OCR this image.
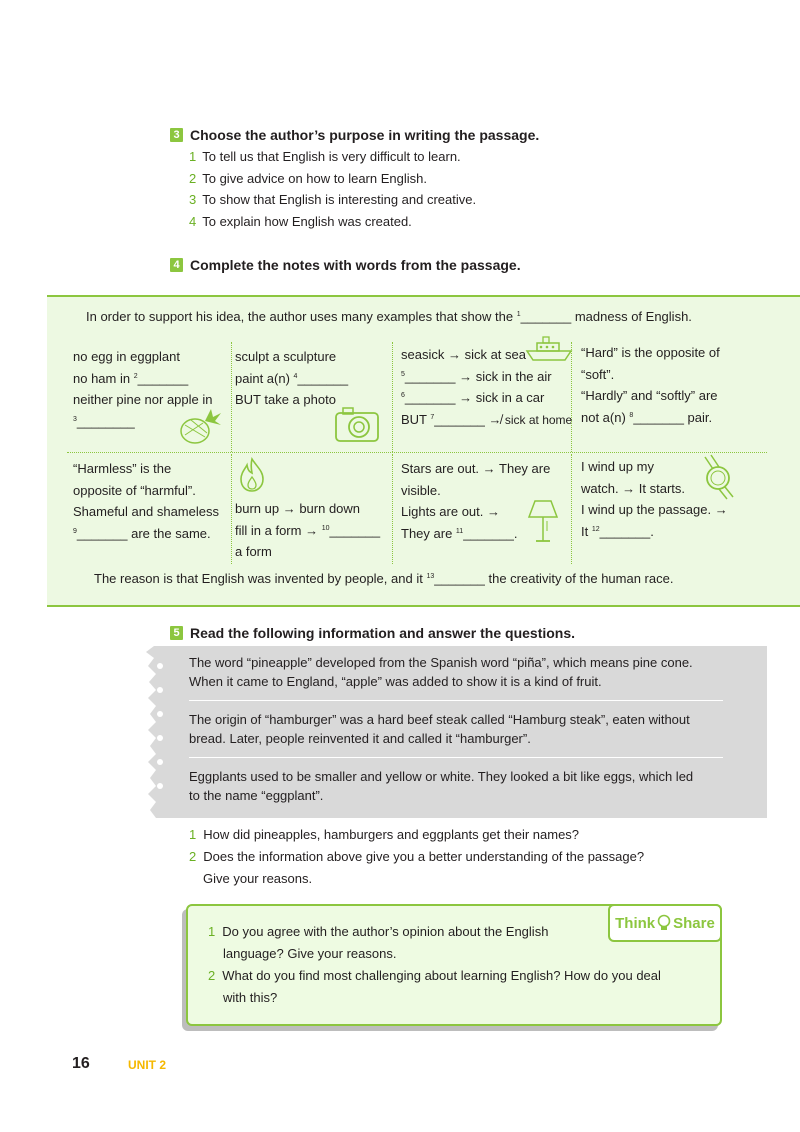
3 Choose the author’s purpose in writing the passage.
1 To tell us that English is very difficult to learn.
2 To give advice on how to learn English.
3 To show that English is interesting and creative.
4 To explain how English was created.
4 Complete the notes with words from the passage.
In order to support his idea, the author uses many examples that show the $^1$_______ madness of English.
no egg in eggplant
no ham in $^2$_______
neither pine nor apple in
$^3$________
sculpt a sculpture
paint a(n) $^4$_______
BUT take a photo
seasick → sick at sea
$^5$_______ → sick in the air
$^6$_______ → sick in a car
BUT $^7$_______ ↛ sick at home
“Hard” is the opposite of
“soft”.
“Hardly” and “softly” are
not a(n) $^8$_______ pair.
“Harmless” is the
opposite of “harmful”.
Shameful and shameless
$^9$_______ are the same.
burn up → burn down
fill in a form → $^{10}$_______
a form
Stars are out. → They are
visible.
Lights are out. →
They are $^{11}$_______.
I wind up my
watch. → It starts.
I wind up the passage. →
It $^{12}$_______.
The reason is that English was invented by people, and it $^{13}$_______ the creativity of the human race.
5 Read the following information and answer the questions.
The word “pineapple” developed from the Spanish word “piña”, which means pine cone.
When it came to England, “apple” was added to show it is a kind of fruit.
The origin of “hamburger” was a hard beef steak called “Hamburg steak”, eaten without
bread. Later, people reinvented it and called it “hamburger”.
Eggplants used to be smaller and yellow or white. They looked a bit like eggs, which led
to the name “eggplant”.
1 How did pineapples, hamburgers and eggplants get their names?
2 Does the information above give you a better understanding of the passage?
Give your reasons.
Think Share
1 Do you agree with the author’s opinion about the English
language? Give your reasons.
2 What do you find most challenging about learning English? How do you deal
with this?
16	UNIT 2
